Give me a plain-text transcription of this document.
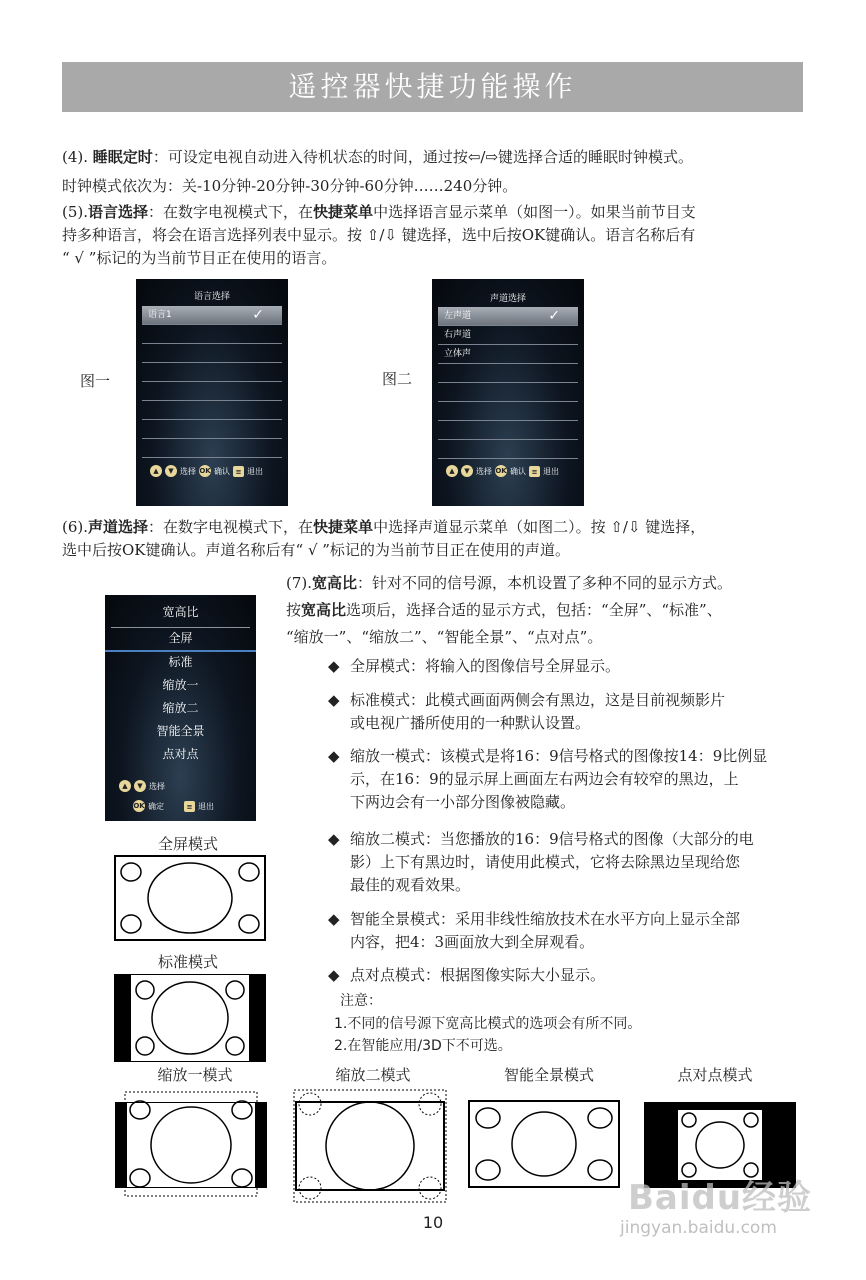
遥控器快捷功能操作
(4). 睡眠定时：可设定电视自动进入待机状态的时间，通过按⇦/⇨键选择合适的睡眠时钟模式。
时钟模式依次为：关-10分钟-20分钟-30分钟-60分钟……240分钟。
(5).语言选择：在数字电视模式下，在快捷菜单中选择语言显示菜单（如图一）。如果当前节目支
持多种语言，将会在语言选择列表中显示。按 ⇧/⇩ 键选择，选中后按OK键确认。语言名称后有
“ √ ”标记的为当前节目正在使用的语言。
图一
语言选择
语言1	✓
▲	▼ 选择 OK 确认 ≡ 退出
图二
声道选择
左声道	✓
右声道
立体声
▲	▼ 选择 OK 确认 ≡ 退出
(6).声道选择：在数字电视模式下，在快捷菜单中选择声道显示菜单（如图二）。按 ⇧/⇩ 键选择，
选中后按OK键确认。声道名称后有“ √ ”标记的为当前节目正在使用的声道。
(7).宽高比：针对不同的信号源，本机设置了多种不同的显示方式。
按宽高比选项后，选择合适的显示方式，包括：“全屏”、“标准”、
“缩放一”、“缩放二”、“智能全景”、“点对点”。
◆ 全屏模式：将输入的图像信号全屏显示。
◆ 标准模式：此模式画面两侧会有黑边，这是目前视频影片
或电视广播所使用的一种默认设置。
◆ 缩放一模式：该模式是将16：9信号格式的图像按14：9比例显
示，在16：9的显示屏上画面左右两边会有较窄的黑边，上
下两边会有一小部分图像被隐藏。
◆ 缩放二模式：当您播放的16：9信号格式的图像（大部分的电
影）上下有黑边时，请使用此模式，它将去除黑边呈现给您
最佳的观看效果。
◆ 智能全景模式：采用非线性缩放技术在水平方向上显示全部
内容，把4：3画面放大到全屏观看。
◆ 点对点模式：根据图像实际大小显示。
注意：
1.不同的信号源下宽高比模式的选项会有所不同。
2.在智能应用/3D下不可选。
宽高比
全屏
标准
缩放一
缩放二
智能全景
点对点
▲	▼ 选择
OK 确定	≡ 退出
全屏模式
标准模式
缩放一模式	缩放二模式	智能全景模式	点对点模式
10
Baidu经验
jingyan.baidu.com
